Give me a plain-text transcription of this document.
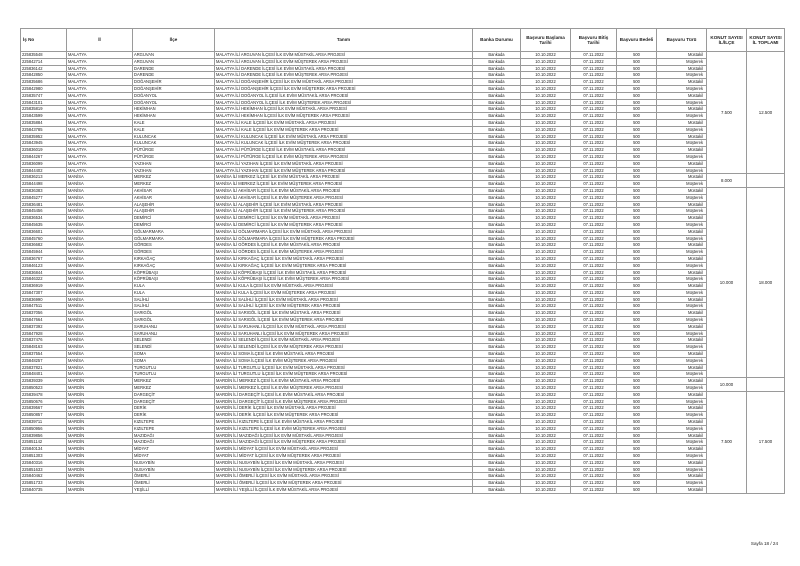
İş No	İl	İlçe	Tanım	Banka Durumu	Başvuru Başlama Tarihi	Başvuru Bitiş Tarihi	Başvuru Bedeli	Başvuru Türü	KONUT SAYISI İL/İLÇE	KONUT SAYISI İL TOPLAMI
225835548	MALATYA	ARGUVAN	MALATYA İLİ ARGUVAN İLÇESİ İLK EVİM MÜSTAKİL ARSA PROJESİ	Bankada	10.10.2022	07.11.2022	500	Müstakil	7.500	12.500
225842714	MALATYA	ARGUVAN	MALATYA İLİ ARGUVAN İLÇESİ İLK EVİM MÜŞTEREK ARSA PROJESİ	Bankada	10.10.2022	07.11.2022	500	Müşterek		
225836142	MALATYA	DARENDE	MALATYA İLİ DARENDE İLÇESİ İLK EVİM MÜSTAKİL ARSA PROJESİ	Bankada	10.10.2022	07.11.2022	500	Müstakil		
225842850	MALATYA	DARENDE	MALATYA İLİ DARENDE İLÇESİ İLK EVİM MÜŞTEREK ARSA PROJESİ	Bankada	10.10.2022	07.11.2022	500	Müşterek		
225835686	MALATYA	DOĞANŞEHİR	MALATYA İLİ DOĞANŞEHİR İLÇESİ İLK EVİM MÜSTAKİL ARSA PROJESİ	Bankada	10.10.2022	07.11.2022	500	Müstakil		
225842980	MALATYA	DOĞANŞEHİR	MALATYA İLİ DOĞANŞEHİR İLÇESİ İLK EVİM MÜŞTEREK ARSA PROJESİ	Bankada	10.10.2022	07.11.2022	500	Müşterek		
225835747	MALATYA	DOĞANYOL	MALATYA İLİ DOĞANYOL İLÇESİ İLK EVİM MÜSTAKİL ARSA PROJESİ	Bankada	10.10.2022	07.11.2022	500	Müstakil		
225843101	MALATYA	DOĞANYOL	MALATYA İLİ DOĞANYOL İLÇESİ İLK EVİM MÜŞTEREK ARSA PROJESİ	Bankada	10.10.2022	07.11.2022	500	Müşterek		
225835819	MALATYA	HEKİMHAN	MALATYA İLİ HEKİMHAN İLÇESİ İLK EVİM MÜSTAKİL ARSA PROJESİ	Bankada	10.10.2022	07.11.2022	500	Müstakil		
225843599	MALATYA	HEKİMHAN	MALATYA İLİ HEKİMHAN İLÇESİ İLK EVİM MÜŞTEREK ARSA PROJESİ	Bankada	10.10.2022	07.11.2022	500	Müşterek		
225835884	MALATYA	KALE	MALATYA İLİ KALE İLÇESİ İLK EVİM MÜSTAKİL ARSA PROJESİ	Bankada	10.10.2022	07.11.2022	500	Müstakil		
225843785	MALATYA	KALE	MALATYA İLİ KALE İLÇESİ İLK EVİM MÜŞTEREK ARSA PROJESİ	Bankada	10.10.2022	07.11.2022	500	Müşterek		
225835952	MALATYA	KULUNCAK	MALATYA İLİ KULUNCAK İLÇESİ İLK EVİM MÜSTAKİL ARSA PROJESİ	Bankada	10.10.2022	07.11.2022	500	Müstakil		
225843945	MALATYA	KULUNCAK	MALATYA İLİ KULUNCAK İLÇESİ İLK EVİM MÜŞTEREK ARSA PROJESİ	Bankada	10.10.2022	07.11.2022	500	Müşterek		
225836019	MALATYA	PÜTÜRGE	MALATYA İLİ PÜTÜRGE İLÇESİ İLK EVİM MÜSTAKİL ARSA PROJESİ	Bankada	10.10.2022	07.11.2022	500	Müstakil		
225844267	MALATYA	PÜTÜRGE	MALATYA İLİ PÜTÜRGE İLÇESİ İLK EVİM MÜŞTEREK ARSA PROJESİ	Bankada	10.10.2022	07.11.2022	500	Müşterek		
225836099	MALATYA	YAZIHAN	MALATYA İLİ YAZIHAN İLÇESİ İLK EVİM MÜSTAKİL ARSA PROJESİ	Bankada	10.10.2022	07.11.2022	500	Müstakil		
225844402	MALATYA	YAZIHAN	MALATYA İLİ YAZIHAN İLÇESİ İLK EVİM MÜŞTEREK ARSA PROJESİ	Bankada	10.10.2022	07.11.2022	500	Müşterek		
225836213	MANİSA	MERKEZ	MANİSA İLİ MERKEZ İLÇESİ İLK EVİM MÜSTAKİL ARSA PROJESİ	Bankada	10.10.2022	07.11.2022	500	Müstakil	8.000	
225844498	MANİSA	MERKEZ	MANİSA İLİ MERKEZ İLÇESİ İLK EVİM MÜŞTEREK ARSA PROJESİ	Bankada	10.10.2022	07.11.2022	500	Müşterek		
225836383	MANİSA	AKHİSAR	MANİSA İLİ AKHİSAR İLÇESİ İLK EVİM MÜSTAKİL ARSA PROJESİ	Bankada	10.10.2022	07.11.2022	500	Müstakil	10.000	18.000
225845277	MANİSA	AKHİSAR	MANİSA İLİ AKHİSAR İLÇESİ İLK EVİM MÜŞTEREK ARSA PROJESİ	Bankada	10.10.2022	07.11.2022	500	Müşterek		
225836481	MANİSA	ALAŞEHİR	MANİSA İLİ ALAŞEHİR İLÇESİ İLK EVİM MÜSTAKİL ARSA PROJESİ	Bankada	10.10.2022	07.11.2022	500	Müstakil		
225845456	MANİSA	ALAŞEHİR	MANİSA İLİ ALAŞEHİR İLÇESİ İLK EVİM MÜŞTEREK ARSA PROJESİ	Bankada	10.10.2022	07.11.2022	500	Müşterek		
225836534	MANİSA	DEMİRCİ	MANİSA İLİ DEMİRCİ İLÇESİ İLK EVİM MÜSTAKİL ARSA PROJESİ	Bankada	10.10.2022	07.11.2022	500	Müstakil		
225845635	MANİSA	DEMİRCİ	MANİSA İLİ DEMİRCİ İLÇESİ İLK EVİM MÜŞTEREK ARSA PROJESİ	Bankada	10.10.2022	07.11.2022	500	Müşterek		
225836601	MANİSA	GÖLMARMARA	MANİSA İLİ GÖLMARMARA İLÇESİ İLK EVİM MÜSTAKİL ARSA PROJESİ	Bankada	10.10.2022	07.11.2022	500	Müstakil		
225845760	MANİSA	GÖLMARMARA	MANİSA İLİ GÖLMARMARA İLÇESİ İLK EVİM MÜŞTEREK ARSA PROJESİ	Bankada	10.10.2022	07.11.2022	500	Müşterek		
225836682	MANİSA	GÖRDES	MANİSA İLİ GÖRDES İLÇESİ İLK EVİM MÜSTAKİL ARSA PROJESİ	Bankada	10.10.2022	07.11.2022	500	Müstakil		
225845944	MANİSA	GÖRDES	MANİSA İLİ GÖRDES İLÇESİ İLK EVİM MÜŞTEREK ARSA PROJESİ	Bankada	10.10.2022	07.11.2022	500	Müşterek		
225836767	MANİSA	KIRKAĞAÇ	MANİSA İLİ KIRKAĞAÇ İLÇESİ İLK EVİM MÜSTAKİL ARSA PROJESİ	Bankada	10.10.2022	07.11.2022	500	Müstakil		
225846123	MANİSA	KIRKAĞAÇ	MANİSA İLİ KIRKAĞAÇ İLÇESİ İLK EVİM MÜŞTEREK ARSA PROJESİ	Bankada	10.10.2022	07.11.2022	500	Müşterek		
225836844	MANİSA	KÖPRÜBAŞI	MANİSA İLİ KÖPRÜBAŞI İLÇESİ İLK EVİM MÜSTAKİL ARSA PROJESİ	Bankada	10.10.2022	07.11.2022	500	Müstakil		
225846322	MANİSA	KÖPRÜBAŞI	MANİSA İLİ KÖPRÜBAŞI İLÇESİ İLK EVİM MÜŞTEREK ARSA PROJESİ	Bankada	10.10.2022	07.11.2022	500	Müşterek		
225836919	MANİSA	KULA	MANİSA İLİ KULA İLÇESİ İLK EVİM MÜSTAKİL ARSA PROJESİ	Bankada	10.10.2022	07.11.2022	500	Müstakil		
225847307	MANİSA	KULA	MANİSA İLİ KULA İLÇESİ İLK EVİM MÜŞTEREK ARSA PROJESİ	Bankada	10.10.2022	07.11.2022	500	Müşterek		
225836990	MANİSA	SALİHLİ	MANİSA İLİ SALİHLİ İLÇESİ İLK EVİM MÜSTAKİL ARSA PROJESİ	Bankada	10.10.2022	07.11.2022	500	Müstakil		
225847511	MANİSA	SALİHLİ	MANİSA İLİ SALİHLİ İLÇESİ İLK EVİM MÜŞTEREK ARSA PROJESİ	Bankada	10.10.2022	07.11.2022	500	Müşterek		
225837056	MANİSA	SARIGÖL	MANİSA İLİ SARIGÖL İLÇESİ İLK EVİM MÜSTAKİL ARSA PROJESİ	Bankada	10.10.2022	07.11.2022	500	Müstakil		
225847664	MANİSA	SARIGÖL	MANİSA İLİ SARIGÖL İLÇESİ İLK EVİM MÜŞTEREK ARSA PROJESİ	Bankada	10.10.2022	07.11.2022	500	Müşterek		
225837392	MANİSA	SARUHANLI	MANİSA İLİ SARUHANLI İLÇESİ İLK EVİM MÜSTAKİL ARSA PROJESİ	Bankada	10.10.2022	07.11.2022	500	Müstakil		
225847928	MANİSA	SARUHANLI	MANİSA İLİ SARUHANLI İLÇESİ İLK EVİM MÜŞTEREK ARSA PROJESİ	Bankada	10.10.2022	07.11.2022	500	Müşterek		
225837476	MANİSA	SELENDİ	MANİSA İLİ SELENDİ İLÇESİ İLK EVİM MÜSTAKİL ARSA PROJESİ	Bankada	10.10.2022	07.11.2022	500	Müstakil		
225848163	MANİSA	SELENDİ	MANİSA İLİ SELENDİ İLÇESİ İLK EVİM MÜŞTEREK ARSA PROJESİ	Bankada	10.10.2022	07.11.2022	500	Müşterek		
225837554	MANİSA	SOMA	MANİSA İLİ SOMA İLÇESİ İLK EVİM MÜSTAKİL ARSA PROJESİ	Bankada	10.10.2022	07.11.2022	500	Müstakil		
225848257	MANİSA	SOMA	MANİSA İLİ SOMA İLÇESİ İLK EVİM MÜŞTEREK ARSA PROJESİ	Bankada	10.10.2022	07.11.2022	500	Müşterek		
225837821	MANİSA	TURGUTLU	MANİSA İLİ TURGUTLU İLÇESİ İLK EVİM MÜSTAKİL ARSA PROJESİ	Bankada	10.10.2022	07.11.2022	500	Müstakil		
225848401	MANİSA	TURGUTLU	MANİSA İLİ TURGUTLU İLÇESİ İLK EVİM MÜŞTEREK ARSA PROJESİ	Bankada	10.10.2022	07.11.2022	500	Müşterek		
225839339	MARDİN	MERKEZ	MARDİN İLİ MERKEZ İLÇESİ İLK EVİM MÜSTAKİL ARSA PROJESİ	Bankada	10.10.2022	07.11.2022	500	Müstakil	10.000	
225850523	MARDİN	MERKEZ	MARDİN İLİ MERKEZ İLÇESİ İLK EVİM MÜŞTEREK ARSA PROJESİ	Bankada	10.10.2022	07.11.2022	500	Müşterek		
225839478	MARDİN	DARGEÇİT	MARDİN İLİ DARGEÇİT İLÇESİ İLK EVİM MÜSTAKİL ARSA PROJESİ	Bankada	10.10.2022	07.11.2022	500	Müstakil	7.500	17.500
225850676	MARDİN	DARGEÇİT	MARDİN İLİ DARGEÇİT İLÇESİ İLK EVİM MÜŞTEREK ARSA PROJESİ	Bankada	10.10.2022	07.11.2022	500	Müşterek		
225839567	MARDİN	DERİK	MARDİN İLİ DERİK İLÇESİ İLK EVİM MÜSTAKİL ARSA PROJESİ	Bankada	10.10.2022	07.11.2022	500	Müstakil		
225850857	MARDİN	DERİK	MARDİN İLİ DERİK İLÇESİ İLK EVİM MÜŞTEREK ARSA PROJESİ	Bankada	10.10.2022	07.11.2022	500	Müşterek		
225839711	MARDİN	KIZILTEPE	MARDİN İLİ KIZILTEPE İLÇESİ İLK EVİM MÜSTAKİL ARSA PROJESİ	Bankada	10.10.2022	07.11.2022	500	Müstakil		
225850956	MARDİN	KIZILTEPE	MARDİN İLİ KIZILTEPE İLÇESİ İLK EVİM MÜŞTEREK ARSA PROJESİ	Bankada	10.10.2022	07.11.2022	500	Müşterek		
225839856	MARDİN	MAZIDAĞI	MARDİN İLİ MAZIDAĞI İLÇESİ İLK EVİM MÜSTAKİL ARSA PROJESİ	Bankada	10.10.2022	07.11.2022	500	Müstakil		
225851142	MARDİN	MAZIDAĞI	MARDİN İLİ MAZIDAĞI İLÇESİ İLK EVİM MÜŞTEREK ARSA PROJESİ	Bankada	10.10.2022	07.11.2022	500	Müşterek		
225840134	MARDİN	MİDYAT	MARDİN İLİ MİDYAT İLÇESİ İLK EVİM MÜSTAKİL ARSA PROJESİ	Bankada	10.10.2022	07.11.2022	500	Müstakil		
225851303	MARDİN	MİDYAT	MARDİN İLİ MİDYAT İLÇESİ İLK EVİM MÜŞTEREK ARSA PROJESİ	Bankada	10.10.2022	07.11.2022	500	Müşterek		
225840316	MARDİN	NUSAYBİN	MARDİN İLİ NUSAYBİN İLÇESİ İLK EVİM MÜSTAKİL ARSA PROJESİ	Bankada	10.10.2022	07.11.2022	500	Müstakil		
225851633	MARDİN	NUSAYBİN	MARDİN İLİ NUSAYBİN İLÇESİ İLK EVİM MÜŞTEREK ARSA PROJESİ	Bankada	10.10.2022	07.11.2022	500	Müşterek		
225840462	MARDİN	ÖMERLİ	MARDİN İLİ ÖMERLİ İLÇESİ İLK EVİM MÜSTAKİL ARSA PROJESİ	Bankada	10.10.2022	07.11.2022	500	Müstakil		
225851733	MARDİN	ÖMERLİ	MARDİN İLİ ÖMERLİ İLÇESİ İLK EVİM MÜŞTEREK ARSA PROJESİ	Bankada	10.10.2022	07.11.2022	500	Müşterek		
225840735	MARDİN	YEŞİLLİ	MARDİN İLİ YEŞİLLİ İLÇESİ İLK EVİM MÜSTAKİL ARSA PROJESİ	Bankada	10.10.2022	07.11.2022	500	Müstakil		
Sayfa 18 / 24
